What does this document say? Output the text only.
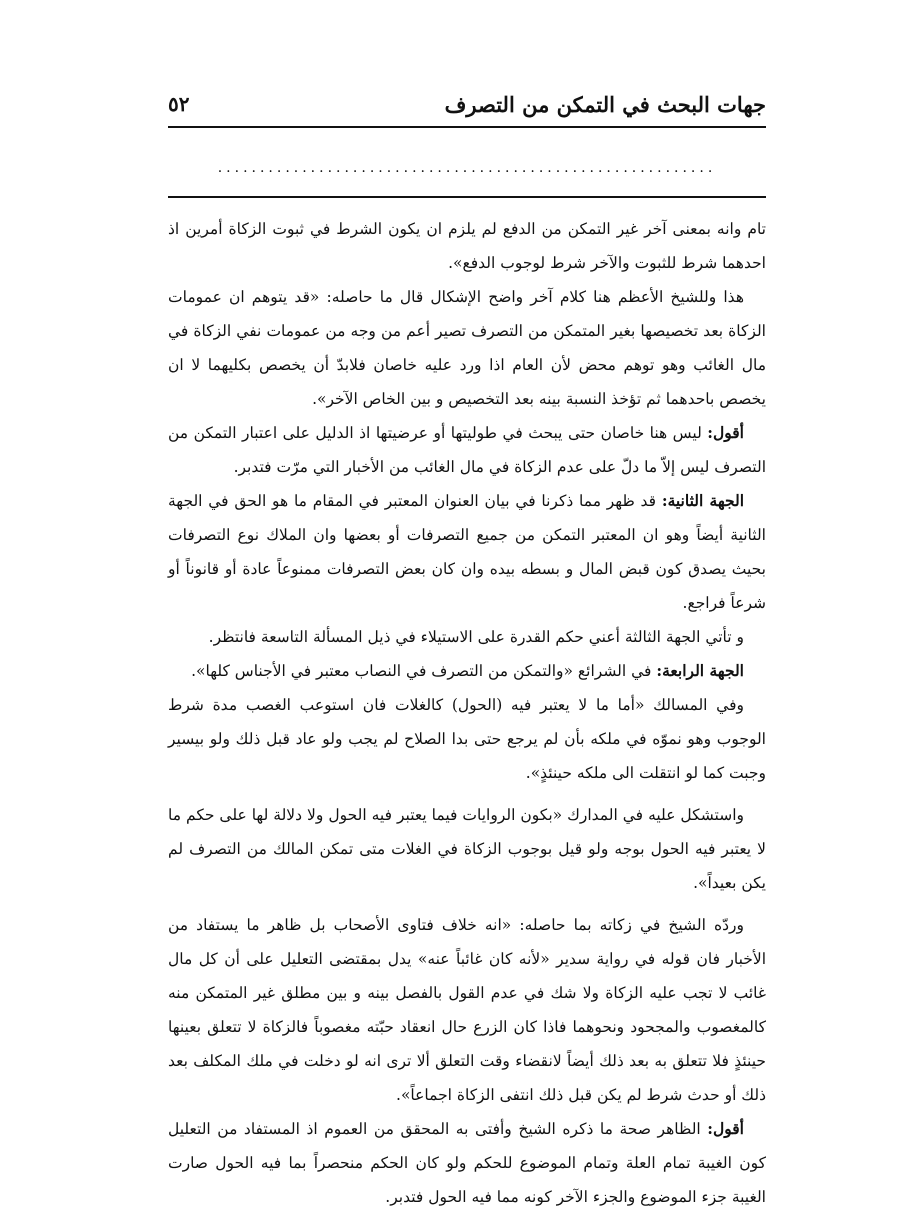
جهات البحث في التمكن من التصرف
٥٢
...........................................................

تام وانه بمعنى آخر غير التمكن من الدفع لم يلزم ان يكون الشرط في ثبوت الزكاة أمرين اذ احدهما شرط للثبوت والآخر شرط لوجوب الدفع».

هذا وللشيخ الأعظم هنا كلام آخر واضح الإشكال قال ما حاصله: «قد يتوهم ان عمومات الزكاة بعد تخصيصها بغير المتمكن من التصرف تصير أعم من وجه من عمومات نفي الزكاة في مال الغائب وهو توهم محض لأن العام اذا ورد عليه خاصان فلابدّ أن يخصص بكليهما لا ان يخصص باحدهما ثم تؤخذ النسبة بينه بعد التخصيص و بين الخاص الآخر».

أقول: ليس هنا خاصان حتى يبحث في طوليتها أو عرضيتها اذ الدليل على اعتبار التمكن من التصرف ليس إلاّ ما دلّ على عدم الزكاة في مال الغائب من الأخبار التي مرّت فتدبر.

الجهة الثانية: قد ظهر مما ذكرنا في بيان العنوان المعتبر في المقام ما هو الحق في الجهة الثانية أيضاً وهو ان المعتبر التمكن من جميع التصرفات أو بعضها وان الملاك نوع التصرفات بحيث يصدق كون قبض المال و بسطه بيده وان كان بعض التصرفات ممنوعاً عادة أو قانوناً أو شرعاً فراجع.

و تأتي الجهة الثالثة أعني حكم القدرة على الاستيلاء في ذيل المسألة التاسعة فانتظر.

الجهة الرابعة: في الشرائع «والتمكن من التصرف في النصاب معتبر في الأجناس كلها».

وفي المسالك «أما ما لا يعتبر فيه (الحول) كالغلات فان استوعب الغصب مدة شرط الوجوب وهو نموّه في ملكه بأن لم يرجع حتى بدا الصلاح لم يجب ولو عاد قبل ذلك ولو بيسير وجبت كما لو انتقلت الى ملكه حينئذٍ».

واستشكل عليه في المدارك «بكون الروايات فيما يعتبر فيه الحول ولا دلالة لها على حكم ما لا يعتبر فيه الحول بوجه ولو قيل بوجوب الزكاة في الغلات متى تمكن المالك من التصرف لم يكن بعيداً».

وردّه الشيخ في زكاته بما حاصله: «انه خلاف فتاوى الأصحاب بل ظاهر ما يستفاد من الأخبار فان قوله في رواية سدير «لأنه كان غائباً عنه» يدل بمقتضى التعليل على أن كل مال غائب لا تجب عليه الزكاة ولا شك في عدم القول بالفصل بينه و بين مطلق غير المتمكن منه كالمغصوب والمجحود ونحوهما فاذا كان الزرع حال انعقاد حبّته مغصوباً فالزكاة لا تتعلق بعينها حينئذٍ فلا تتعلق به بعد ذلك أيضاً لانقضاء وقت التعلق ألا ترى انه لو دخلت في ملك المكلف بعد ذلك أو حدث شرط لم يكن قبل ذلك انتفى الزكاة اجماعاً».

أقول: الظاهر صحة ما ذكره الشيخ وأفتى به المحقق من العموم اذ المستفاد من التعليل كون الغيبة تمام العلة وتمام الموضوع للحكم ولو كان الحكم منحصراً بما فيه الحول صارت الغيبة جزء الموضوع والجزء الآخر كونه مما فيه الحول فتدبر.
